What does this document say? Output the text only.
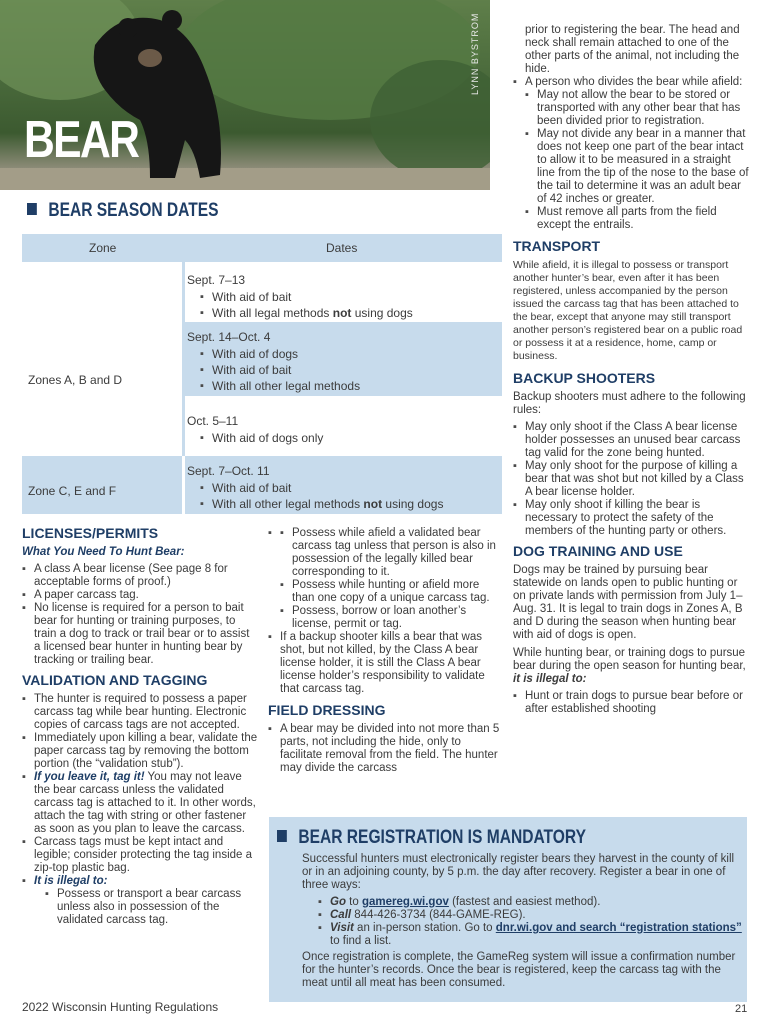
BEAR
LYNN BYSTROM
BEAR SEASON DATES
Zone	Dates
Sept. 7–13
▪ With aid of bait
▪ With all legal methods not using dogs
Sept. 14–Oct. 4
▪ With aid of dogs
▪ With aid of bait
▪ With all other legal methods
Oct. 5–11
▪ With aid of dogs only
Zones A, B and D
Zone C, E and F
Sept. 7–Oct. 11
▪ With aid of bait
▪ With all other legal methods not using dogs
LICENSES/PERMITS
What You Need To Hunt Bear:
▪ A class A bear license (See page 8 for acceptable forms of proof.)
▪ A paper carcass tag.
▪ No license is required for a person to bait bear for hunting or training purposes, to train a dog to track or trail bear or to assist a licensed bear hunter in hunting bear by tracking or trailing bear.
VALIDATION AND TAGGING
▪ The hunter is required to possess a paper carcass tag while bear hunting. Electronic copies of carcass tags are not accepted.
▪ Immediately upon killing a bear, validate the paper carcass tag by removing the bottom portion (the “validation stub”).
▪ If you leave it, tag it! You may not leave the bear carcass unless the validated carcass tag is attached to it. In other words, attach the tag with string or other fastener as soon as you plan to leave the carcass.
▪ Carcass tags must be kept intact and legible; consider protecting the tag inside a zip-top plastic bag.
▪ It is illegal to:
▪ Possess or transport a bear carcass unless also in possession of the validated carcass tag.
▪ ▪ Possess while afield a validated bear carcass tag unless that person is also in possession of the legally killed bear corresponding to it.
▪ Possess while hunting or afield more than one copy of a unique carcass tag.
▪ Possess, borrow or loan another’s license, permit or tag.
▪ If a backup shooter kills a bear that was shot, but not killed, by the Class A bear license holder, it is still the Class A bear license holder’s responsibility to validate that carcass tag.
FIELD DRESSING
▪ A bear may be divided into not more than 5 parts, not including the hide, only to facilitate removal from the field. The hunter may divide the carcass
prior to registering the bear. The head and neck shall remain attached to one of the other parts of the animal, not including the hide.
▪ A person who divides the bear while afield:
▪ May not allow the bear to be stored or transported with any other bear that has been divided prior to registration.
▪ May not divide any bear in a manner that does not keep one part of the bear intact to allow it to be measured in a straight line from the tip of the nose to the base of the tail to determine it was an adult bear of 42 inches or greater.
▪ Must remove all parts from the field except the entrails.
TRANSPORT
While afield, it is illegal to possess or transport another hunter’s bear, even after it has been registered, unless accompanied by the person issued the carcass tag that has been attached to the bear, except that anyone may still transport another person’s registered bear on a public road or possess it at a residence, home, camp or business.
BACKUP SHOOTERS
Backup shooters must adhere to the following rules:
▪ May only shoot if the Class A bear license holder possesses an unused bear carcass tag valid for the zone being hunted.
▪ May only shoot for the purpose of killing a bear that was shot but not killed by a Class A bear license holder.
▪ May only shoot if killing the bear is necessary to protect the safety of the members of the hunting party or others.
DOG TRAINING AND USE
Dogs may be trained by pursuing bear statewide on lands open to public hunting or on private lands with permission from July 1–Aug. 31. It is legal to train dogs in Zones A, B and D during the season when hunting bear with aid of dogs is open.
While hunting bear, or training dogs to pursue bear during the open season for hunting bear, it is illegal to:
▪ Hunt or train dogs to pursue bear before or after established shooting
BEAR REGISTRATION IS MANDATORY
Successful hunters must electronically register bears they harvest in the county of kill or in an adjoining county, by 5 p.m. the day after recovery. Register a bear in one of three ways:
▪ Go to gamereg.wi.gov (fastest and easiest method).
▪ Call 844-426-3734 (844-GAME-REG).
▪ Visit an in-person station. Go to dnr.wi.gov and search “registration stations” to find a list.
Once registration is complete, the GameReg system will issue a confirmation number for the hunter’s records. Once the bear is registered, keep the carcass tag with the meat until all meat has been consumed.
2022 Wisconsin Hunting Regulations	21
